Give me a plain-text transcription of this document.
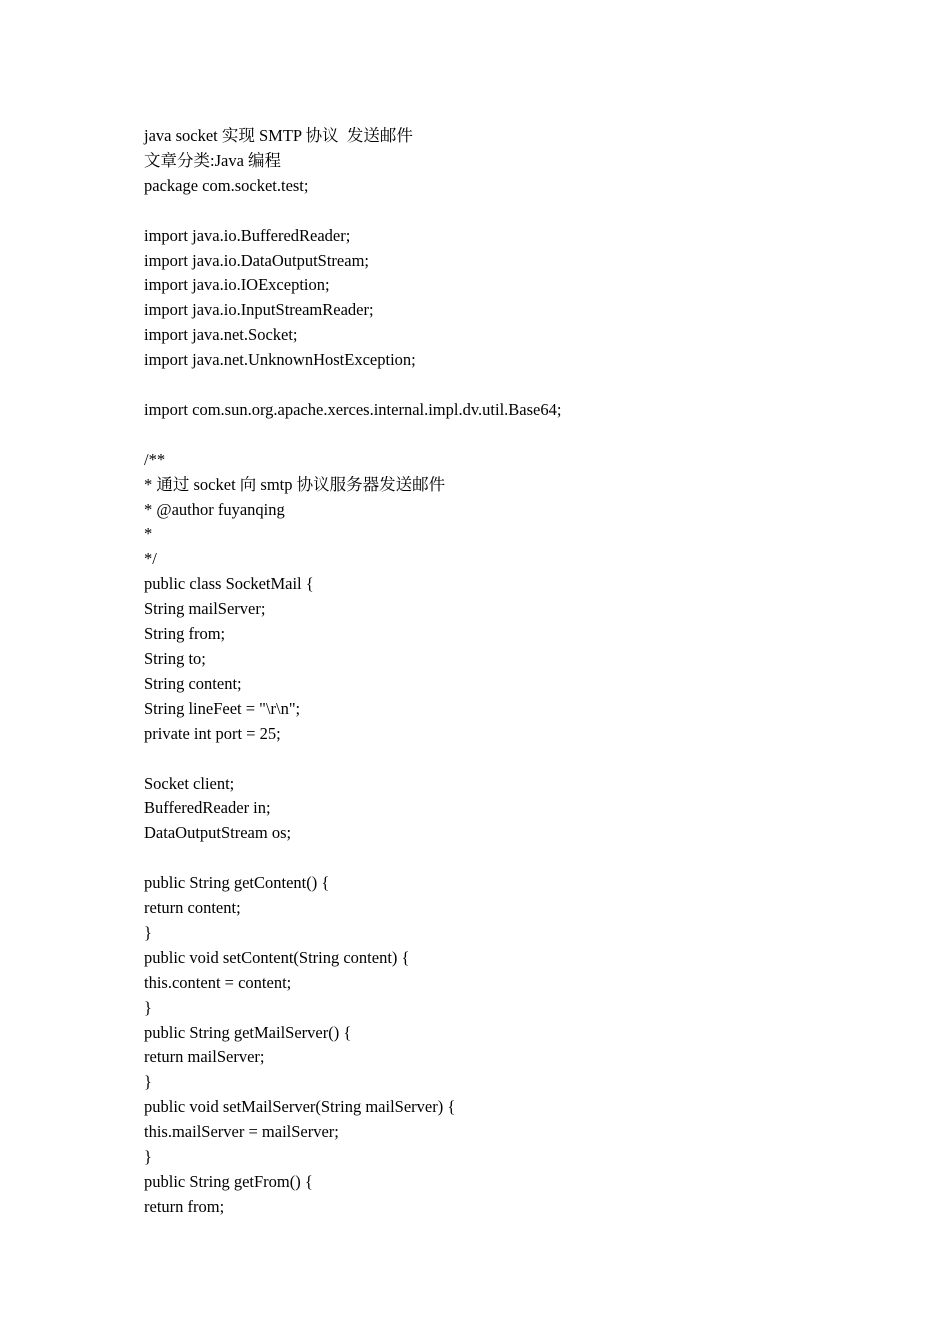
java socket 实现 SMTP 协议  发送邮件
文章分类:Java 编程
package com.socket.test;
import java.io.BufferedReader;
import java.io.DataOutputStream;
import java.io.IOException;
import java.io.InputStreamReader;
import java.net.Socket;
import java.net.UnknownHostException;
import com.sun.org.apache.xerces.internal.impl.dv.util.Base64;
/**
* 通过 socket 向 smtp 协议服务器发送邮件
* @author fuyanqing
*
*/
public class SocketMail {
String mailServer;
String from;
String to;
String content;
String lineFeet = "\r\n";
private int port = 25;
Socket client;
BufferedReader in;
DataOutputStream os;
public String getContent() {
return content;
}
public void setContent(String content) {
this.content = content;
}
public String getMailServer() {
return mailServer;
}
public void setMailServer(String mailServer) {
this.mailServer = mailServer;
}
public String getFrom() {
return from;
